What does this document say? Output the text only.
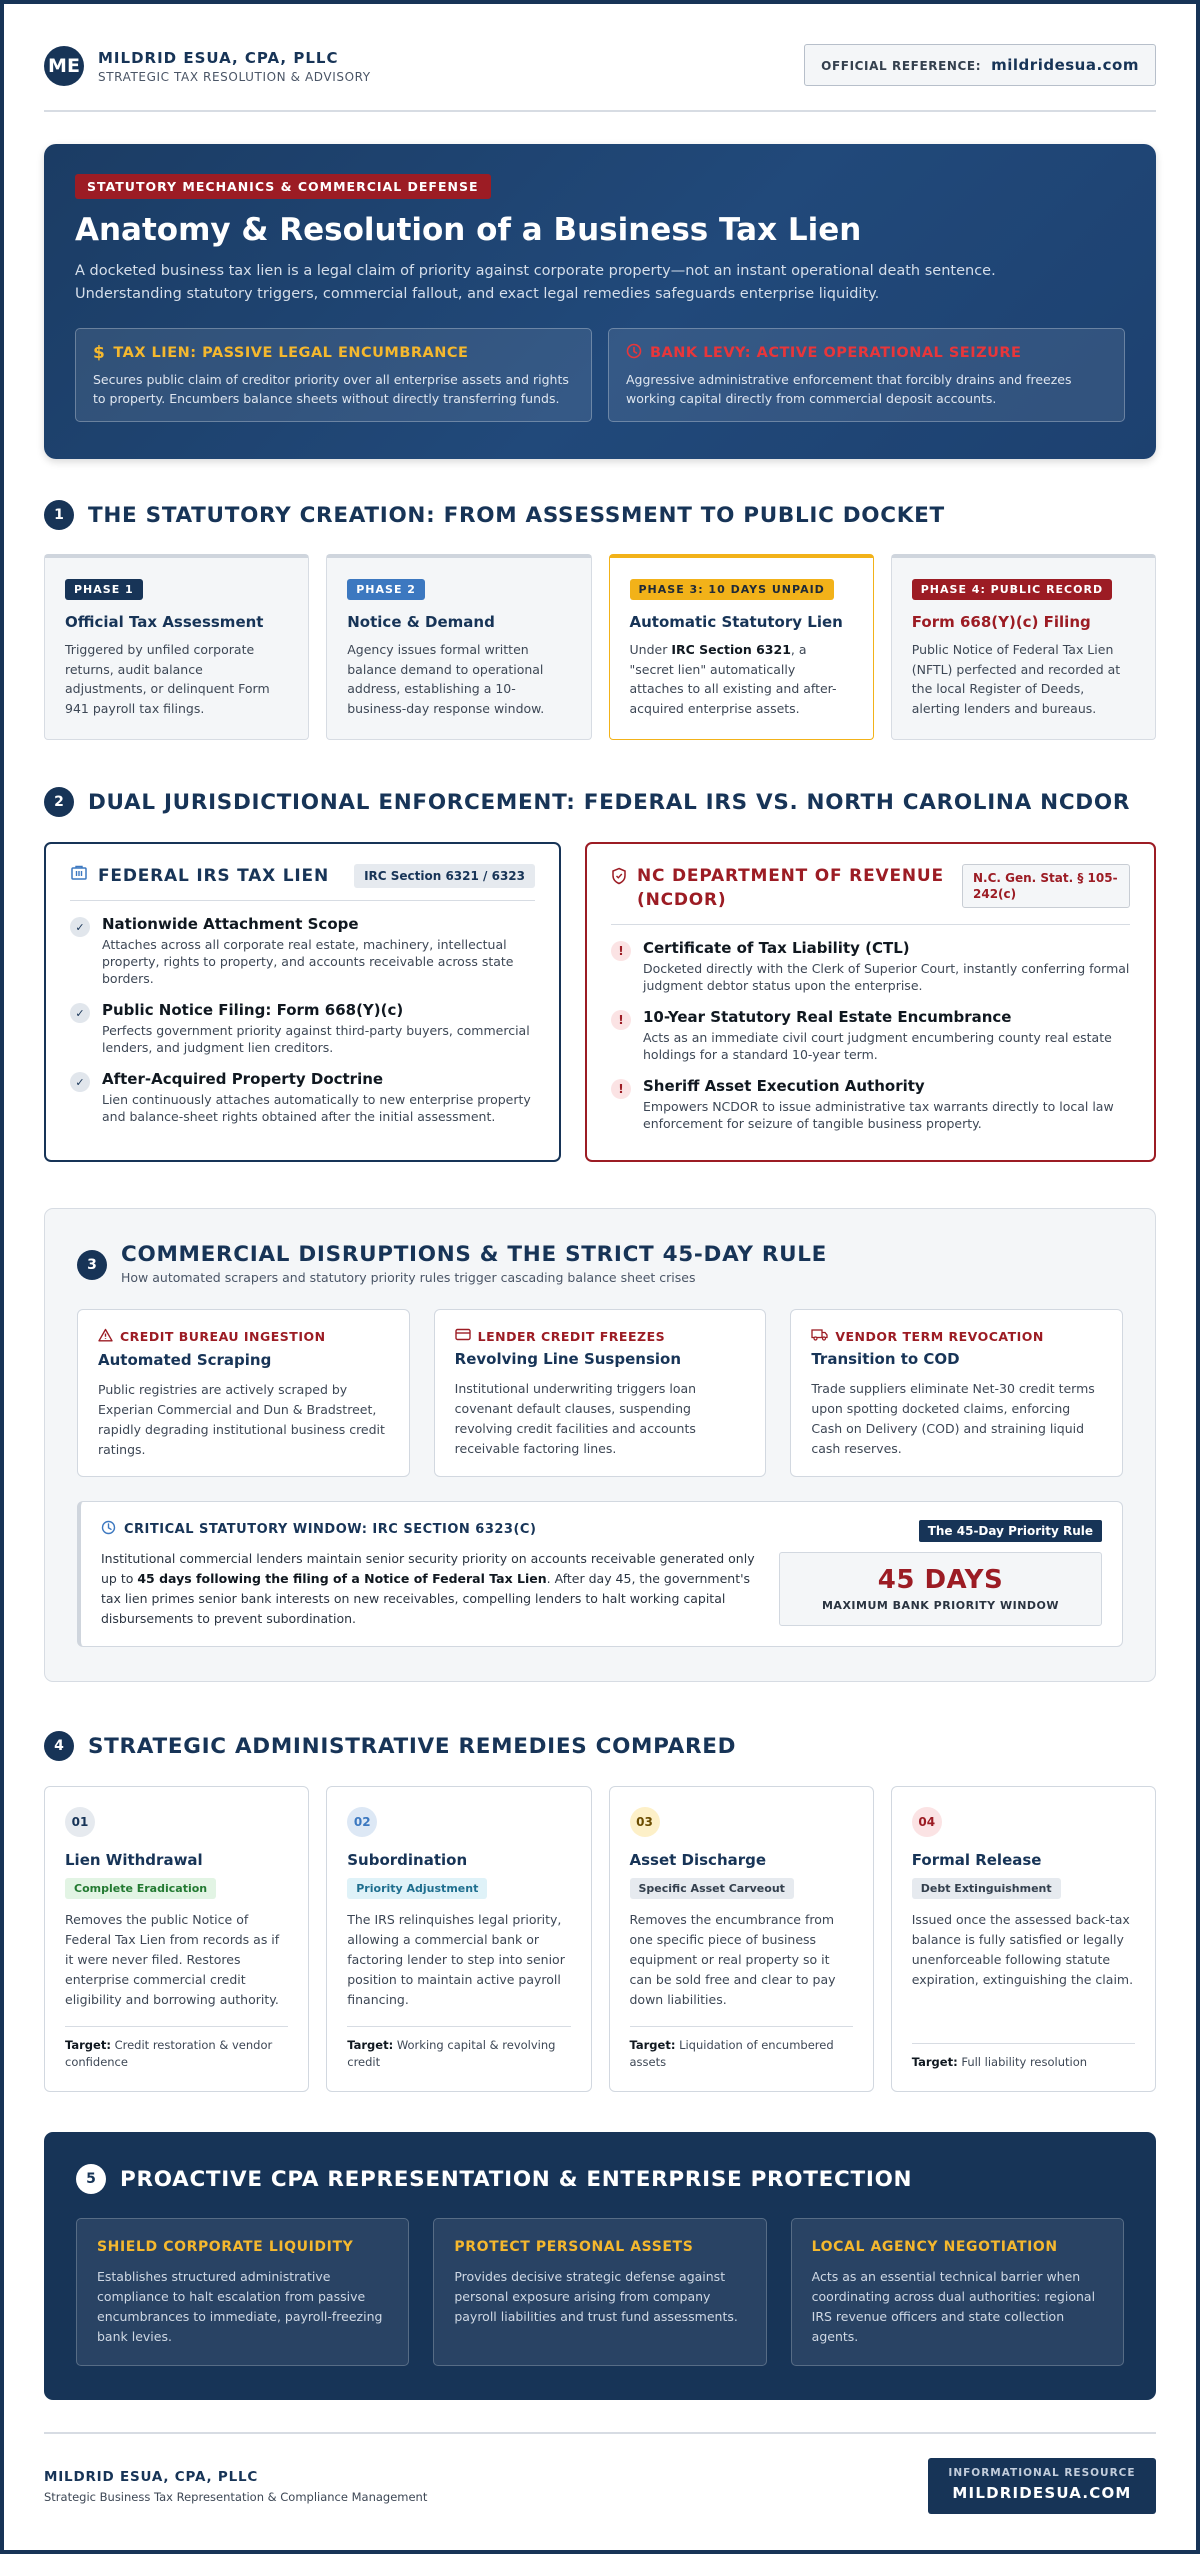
ME MILDRID ESUA, CPA, PLLC
STRATEGIC TAX RESOLUTION & ADVISORY
OFFICIAL REFERENCE: mildridesua.com
STATUTORY MECHANICS & COMMERCIAL DEFENSE
Anatomy & Resolution of a Business Tax Lien
A docketed business tax lien is a legal claim of priority against corporate property—not an instant operational death sentence. Understanding statutory triggers, commercial fallout, and exact legal remedies safeguards enterprise liquidity.
$ TAX LIEN: PASSIVE LEGAL ENCUMBRANCE
Secures public claim of creditor priority over all enterprise assets and rights to property. Encumbers balance sheets without directly transferring funds.
BANK LEVY: ACTIVE OPERATIONAL SEIZURE
Aggressive administrative enforcement that forcibly drains and freezes working capital directly from commercial deposit accounts.
1	THE STATUTORY CREATION: FROM ASSESSMENT TO PUBLIC DOCKET
PHASE 1
Official Tax Assessment
Triggered by unfiled corporate returns, audit balance adjustments, or delinquent Form 941 payroll tax filings.
PHASE 2
Notice & Demand
Agency issues formal written balance demand to operational address, establishing a 10-business-day response window.
PHASE 3: 10 DAYS UNPAID
Automatic Statutory Lien
Under IRC Section 6321, a "secret lien" automatically attaches to all existing and after-acquired enterprise assets.
PHASE 4: PUBLIC RECORD
Form 668(Y)(c) Filing
Public Notice of Federal Tax Lien (NFTL) perfected and recorded at the local Register of Deeds, alerting lenders and bureaus.
2	DUAL JURISDICTIONAL ENFORCEMENT: FEDERAL IRS VS. NORTH CAROLINA NCDOR
FEDERAL IRS TAX LIEN	IRC Section 6321 / 6323
✓	Nationwide Attachment Scope
Attaches across all corporate real estate, machinery, intellectual property, rights to property, and accounts receivable across state borders.
✓	Public Notice Filing: Form 668(Y)(c)
Perfects government priority against third-party buyers, commercial lenders, and judgment lien creditors.
✓	After-Acquired Property Doctrine
Lien continuously attaches automatically to new enterprise property and balance-sheet rights obtained after the initial assessment.
NC DEPARTMENT OF REVENUE (NCDOR)
N.C. Gen. Stat. § 105-242(c)
!	Certificate of Tax Liability (CTL)
Docketed directly with the Clerk of Superior Court, instantly conferring formal judgment debtor status upon the enterprise.
!	10-Year Statutory Real Estate Encumbrance
Acts as an immediate civil court judgment encumbering county real estate holdings for a standard 10-year term.
!	Sheriff Asset Execution Authority
Empowers NCDOR to issue administrative tax warrants directly to local law enforcement for seizure of tangible business property.
3	COMMERCIAL DISRUPTIONS & THE STRICT 45-DAY RULE
How automated scrapers and statutory priority rules trigger cascading balance sheet crises
CREDIT BUREAU INGESTION
Automated Scraping
Public registries are actively scraped by Experian Commercial and Dun & Bradstreet, rapidly degrading institutional business credit ratings.
LENDER CREDIT FREEZES
Revolving Line Suspension
Institutional underwriting triggers loan covenant default clauses, suspending revolving credit facilities and accounts receivable factoring lines.
VENDOR TERM REVOCATION
Transition to COD
Trade suppliers eliminate Net-30 credit terms upon spotting docketed claims, enforcing Cash on Delivery (COD) and straining liquid cash reserves.
CRITICAL STATUTORY WINDOW: IRC SECTION 6323(C)	The 45-Day Priority Rule
Institutional commercial lenders maintain senior security priority on accounts receivable generated only up to 45 days following the filing of a Notice of Federal Tax Lien. After day 45, the government's tax lien primes senior bank interests on new receivables, compelling lenders to halt working capital disbursements to prevent subordination.
45 DAYS
MAXIMUM BANK PRIORITY WINDOW
4	STRATEGIC ADMINISTRATIVE REMEDIES COMPARED
01
Lien Withdrawal
Complete Eradication
Removes the public Notice of Federal Tax Lien from records as if it were never filed. Restores enterprise commercial credit eligibility and borrowing authority.
Target: Credit restoration & vendor confidence
02
Subordination
Priority Adjustment
The IRS relinquishes legal priority, allowing a commercial bank or factoring lender to step into senior position to maintain active payroll financing.
Target: Working capital & revolving credit
03
Asset Discharge
Specific Asset Carveout
Removes the encumbrance from one specific piece of business equipment or real property so it can be sold free and clear to pay down liabilities.
Target: Liquidation of encumbered assets
04
Formal Release
Debt Extinguishment
Issued once the assessed back-tax balance is fully satisfied or legally unenforceable following statute expiration, extinguishing the claim.
Target: Full liability resolution
5	PROACTIVE CPA REPRESENTATION & ENTERPRISE PROTECTION
SHIELD CORPORATE LIQUIDITY
Establishes structured administrative compliance to halt escalation from passive encumbrances to immediate, payroll-freezing bank levies.
PROTECT PERSONAL ASSETS
Provides decisive strategic defense against personal exposure arising from company payroll liabilities and trust fund assessments.
LOCAL AGENCY NEGOTIATION
Acts as an essential technical barrier when coordinating across dual authorities: regional IRS revenue officers and state collection agents.
MILDRID ESUA, CPA, PLLC
Strategic Business Tax Representation & Compliance Management
INFORMATIONAL RESOURCE
MILDRIDESUA.COM
